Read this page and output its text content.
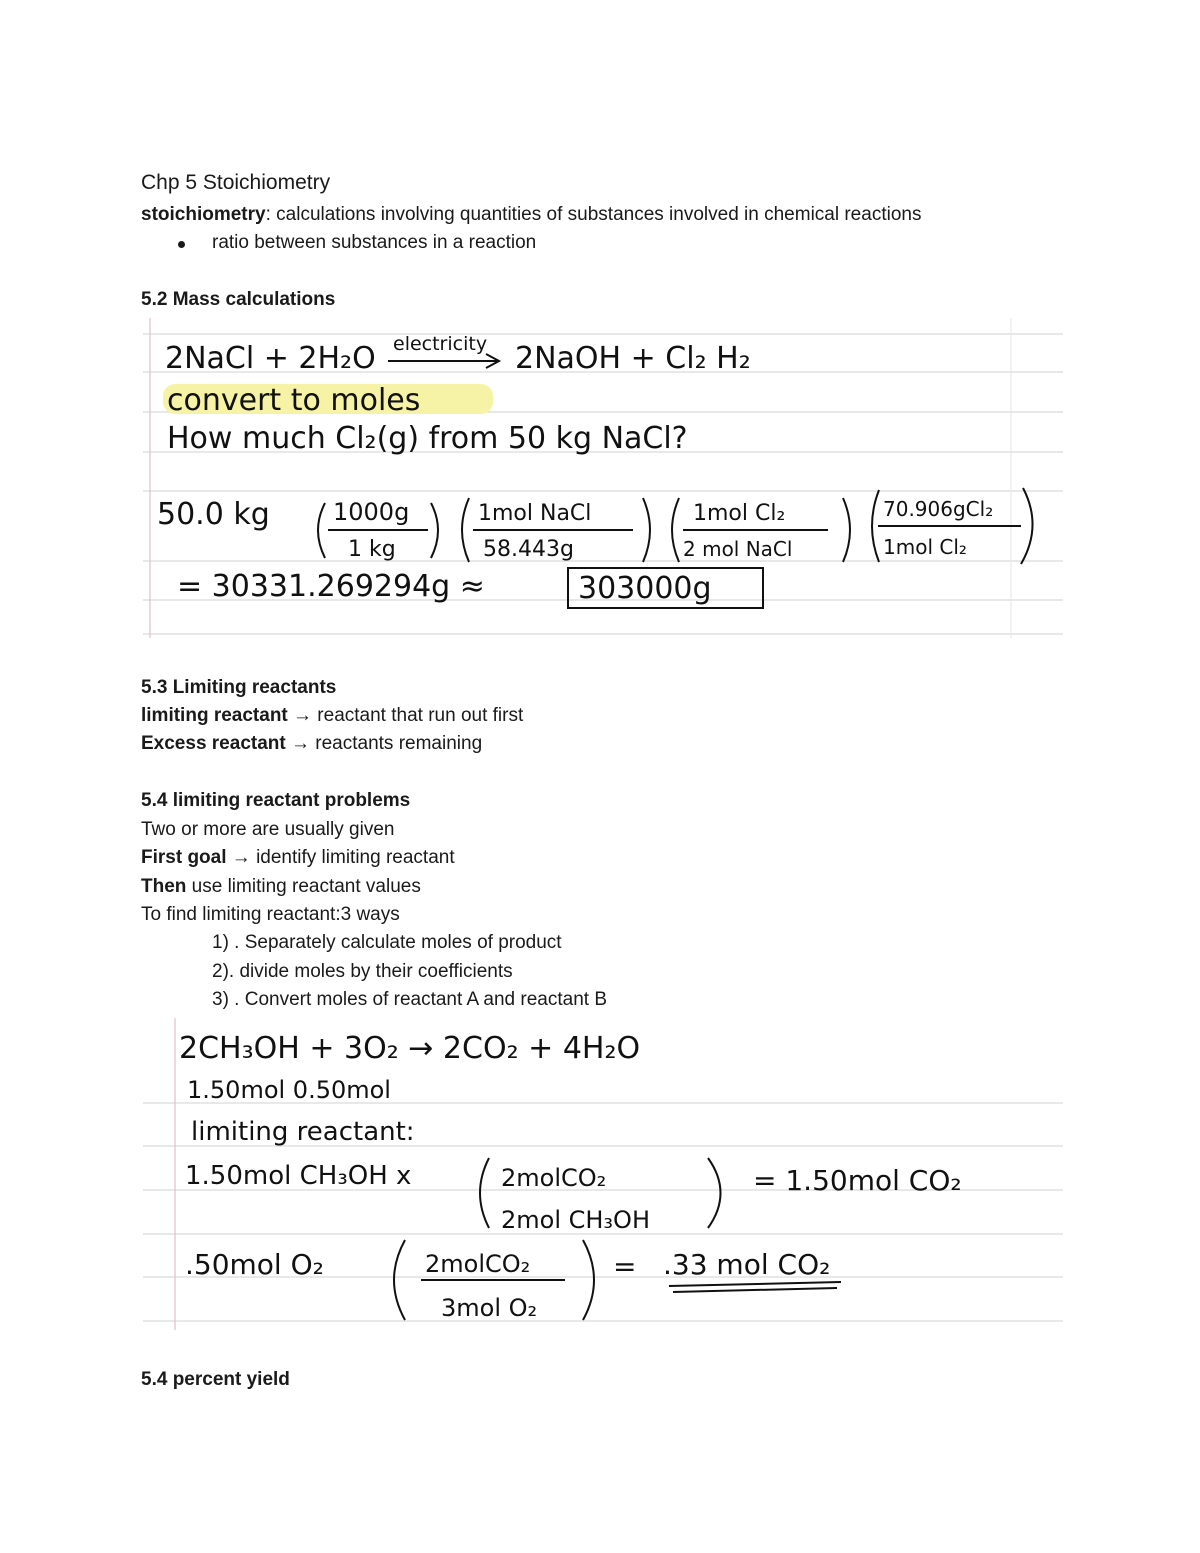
Chp 5 Stoichiometry
stoichiometry: calculations involving quantities of substances involved in chemical reactions
ratio between substances in a reaction
5.2 Mass calculations
2NaCl + 2H₂O electricity 2NaOH + Cl₂ H₂
convert to moles
How much Cl₂(g) from 50 kg NaCl?
50.0 kg	1000g
1 kg
1mol NaCl
58.443g
1mol Cl₂
2 mol NaCl
70.906gCl₂
1mol Cl₂
= 30331.269294g ≈	303000g
5.3 Limiting reactants
limiting reactant → reactant that run out first
Excess reactant → reactants remaining
5.4 limiting reactant problems
Two or more are usually given
First goal → identify limiting reactant
Then use limiting reactant values
To find limiting reactant:3 ways
1) . Separately calculate moles of product
2). divide moles by their coefficients
3) . Convert moles of reactant A and reactant B
2CH₃OH + 3O₂ → 2CO₂ + 4H₂O
1.50mol 0.50mol
limiting reactant:
1.50mol CH₃OH x	2molCO₂
2mol CH₃OH
= 1.50mol CO₂
.50mol O₂	2molCO₂
3mol O₂
= .33 mol CO₂
5.4 percent yield
